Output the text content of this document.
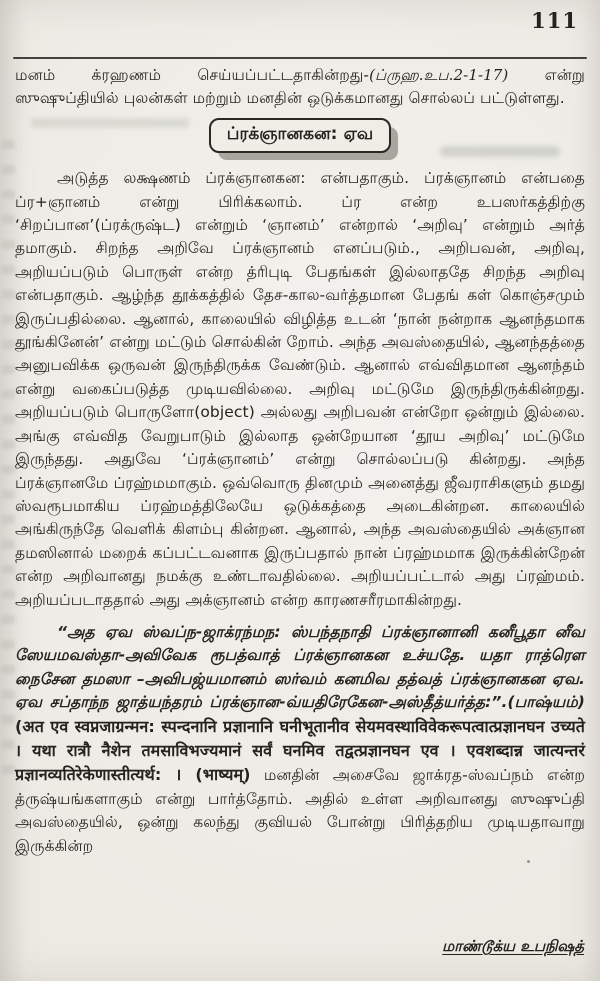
111

மனம் க்ரஹணம் செய்யப்பட்டதாகின்றது-(ப்ருஹ.உப.2-1-17) என்று ஸுஷுப்தியில் புலன்கள் மற்றும் மனதின் ஒடுக்கமானது சொல்லப் பட்டுள்ளது.

ப்ரக்ஞானகன: ஏவ

அடுத்த லக்ஷணம் ப்ரக்ஞானகன: என்பதாகும். ப்ரக்ஞானம் என்பதை ப்ர+ஞானம் என்று பிரிக்கலாம். ப்ர என்ற உபஸர்கத்திற்கு ‘சிறப்பான’(ப்ரக்ருஷ்ட) என்றும் ‘ஞானம்’ என்றால் ‘அறிவு’ என்றும் அர்த் தமாகும். சிறந்த அறிவே ப்ரக்ஞானம் எனப்படும்., அறிபவன், அறிவு, அறியப்படும் பொருள் என்ற த்ரிபுடி பேதங்கள் இல்லாததே சிறந்த அறிவு என்பதாகும். ஆழ்ந்த தூக்கத்தில் தேச-கால-வர்த்தமான பேதங் கள் கொஞ்சமும் இருப்பதில்லை. ஆனால், காலையில் விழித்த உடன் ‘நான் நன்றாக ஆனந்தமாக தூங்கினேன்’ என்று மட்டும் சொல்கின் றோம். அந்த அவஸ்தையில், ஆனந்தத்தை அனுபவிக்க ஒருவன் இருந்திருக்க வேண்டும். ஆனால் எவ்விதமான ஆனந்தம் என்று வகைப்படுத்த முடியவில்லை. அறிவு மட்டுமே இருந்திருக்கின்றது. அறியப்படும் பொருளோ(object) அல்லது அறிபவன் என்றோ ஒன்றும் இல்லை. அங்கு எவ்வித வேறுபாடும் இல்லாத ஒன்றேயான ‘தூய அறிவு’ மட்டுமே இருந்தது. அதுவே ‘ப்ரக்ஞானம்’ என்று சொல்லப்படு கின்றது. அந்த ப்ரக்ஞானமே ப்ரஹ்மமாகும். ஒவ்வொரு தினமும் அனைத்து ஜீவராசிகளும் தமது ஸ்வரூபமாகிய ப்ரஹ்மத்திலேயே ஒடுக்கத்தை அடைகின்றன. காலையில் அங்கிருந்தே வெளிக் கிளம்பு கின்றன. ஆனால், அந்த அவஸ்தையில் அக்ஞான தமஸினால் மறைக் கப்பட்டவனாக இருப்பதால் நான் ப்ரஹ்மமாக இருக்கின்றேன் என்ற அறிவானது நமக்கு உண்டாவதில்லை. அறியப்பட்டால் அது ப்ரஹ்மம். அறியப்படாததால் அது அக்ஞானம் என்ற காரணசரீரமாகின்றது.

“அத ஏவ ஸ்வப்ந-ஜாக்ரந்மந: ஸ்பந்தநாதி ப்ரக்ஞானானி கனீபூதா னீவ ஸேயமவஸ்தா-அவிவேக ரூபத்வாத் ப்ரக்ஞானகன உச்யதே. யதா ராத்ரௌ நைசேன தமஸா –அவிபஜ்யமானம் ஸர்வம் கனமிவ தத்வத் ப்ரக்ஞானகன ஏவ. ஏவ சப்தாந்ந ஜாத்யந்தரம் ப்ரக்ஞான-வ்யதிரேகேன-அஸ்தீத்யர்த்த:”.(பாஷ்யம்) (अत एव स्वप्नजाग्रन्मन: स्पन्दनानि प्रज्ञानानि घनीभूतानीव सेयमवस्थाविवेकरूपत्वात्प्रज्ञानघन उच्यते । यथा रात्रौ नैशेन तमसाविभज्यमानं सर्वं घनमिव तद्वत्प्रज्ञानघन एव । एवशब्दान्न जात्यन्तरं प्रज्ञानव्यतिरेकेणास्तीत्यर्थ: । (भाष्यम्) மனதின் அசைவே ஜாக்ரத-ஸ்வப்நம் என்ற த்ருஷ்யங்களாகும் என்று பார்த்தோம். அதில் உள்ள அறிவானது ஸுஷுப்தி அவஸ்தையில், ஒன்று கலந்து குவியல் போன்று பிரித்தறிய முடியதாவாறு இருக்கின்ற

மாண்டூக்ய உபநிஷத்
